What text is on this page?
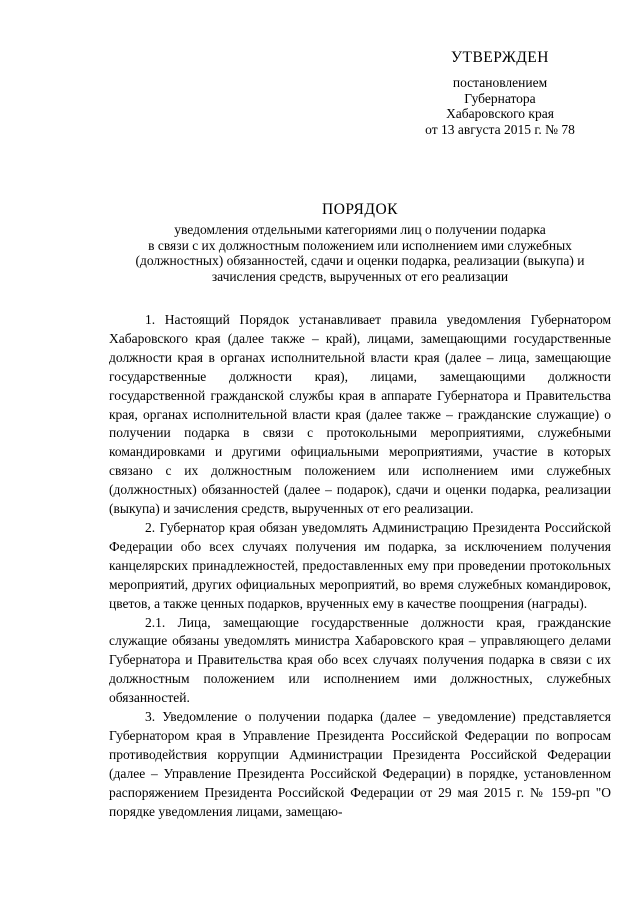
УТВЕРЖДЕН
постановлением
Губернатора
Хабаровского края
от 13 августа 2015 г. № 78
ПОРЯДОК
уведомления отдельными категориями лиц о получении подарка
в связи с их должностным положением или исполнением ими служебных
(должностных) обязанностей, сдачи и оценки подарка, реализации (выкупа) и
зачисления средств, вырученных от его реализации

1. Настоящий Порядок устанавливает правила уведомления Губернатором Хабаровского края (далее также – край), лицами, замещающими государственные должности края в органах исполнительной власти края (далее – лица, замещающие государственные должности края), лицами, замещающими должности государственной гражданской службы края в аппарате Губернатора и Правительства края, органах исполнительной власти края (далее также – гражданские служащие) о получении подарка в связи с протокольными мероприятиями, служебными командировками и другими официальными мероприятиями, участие в которых связано с их должностным положением или исполнением ими служебных (должностных) обязанностей (далее – подарок), сдачи и оценки подарка, реализации (выкупа) и зачисления средств, вырученных от его реализации.

2. Губернатор края обязан уведомлять Администрацию Президента Российской Федерации обо всех случаях получения им подарка, за исключением получения канцелярских принадлежностей, предоставленных ему при проведении протокольных мероприятий, других официальных мероприятий, во время служебных командировок, цветов, а также ценных подарков, врученных ему в качестве поощрения (награды).

2.1. Лица, замещающие государственные должности края, гражданские служащие обязаны уведомлять министра Хабаровского края – управляющего делами Губернатора и Правительства края обо всех случаях получения подарка в связи с их должностным положением или исполнением ими должностных, служебных обязанностей.

3. Уведомление о получении подарка (далее – уведомление) представляется Губернатором края в Управление Президента Российской Федерации по вопросам противодействия коррупции Администрации Президента Российской Федерации (далее – Управление Президента Российской Федерации) в порядке, установленном распоряжением Президента Российской Федерации от 29 мая 2015 г. № 159-рп "О порядке уведомления лицами, замещаю-
